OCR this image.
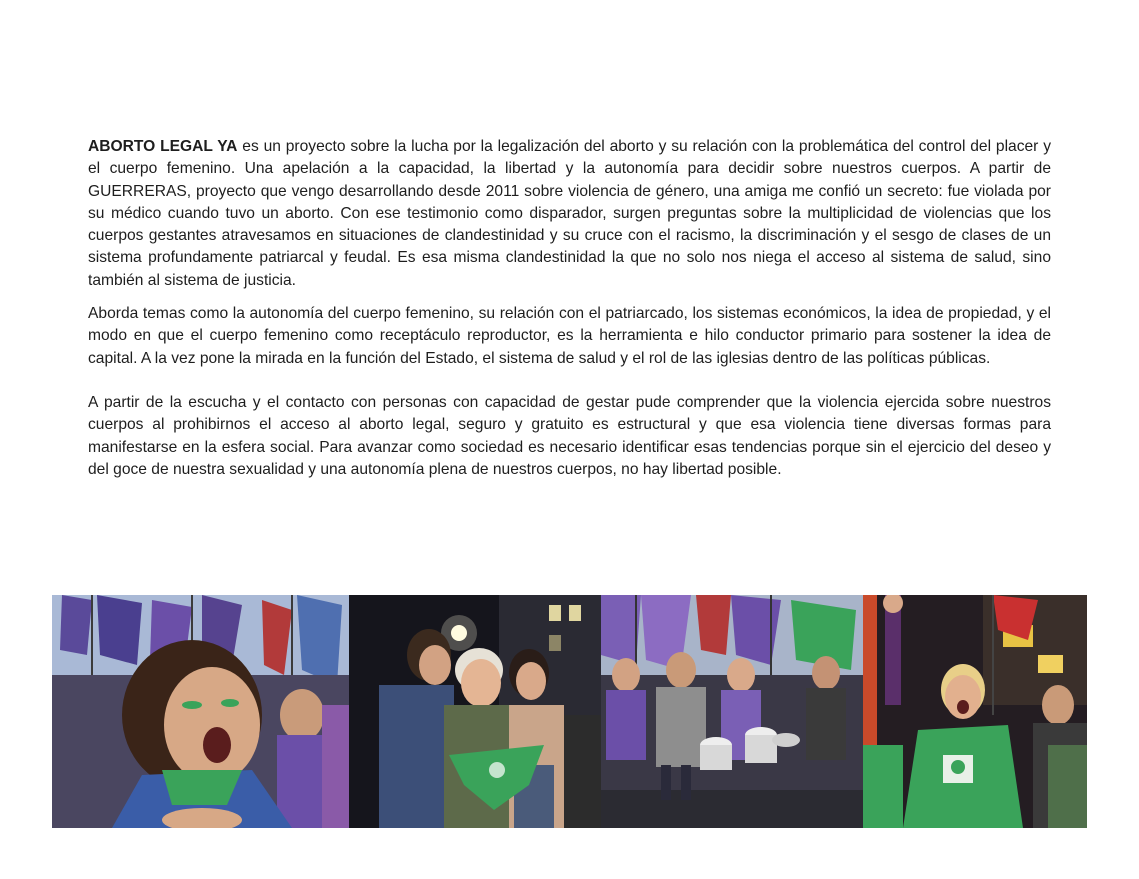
ABORTO LEGAL YA es un proyecto sobre la lucha por la legalización del aborto y su relación con la problemática del control del placer y el cuerpo femenino. Una apelación a la capacidad, la libertad y la autonomía para decidir sobre nuestros cuerpos. A partir de GUERRERAS, proyecto que vengo desarrollando desde 2011 sobre violencia de género, una amiga me confió un secreto: fue violada por su médico cuando tuvo un aborto. Con ese testimonio como disparador, surgen preguntas sobre la multiplicidad de violencias que los cuerpos gestantes atravesamos en situaciones de clandestinidad y su cruce con el racismo, la discriminación y el sesgo de clases de un sistema profundamente patriarcal y feudal. Es esa misma clandestinidad la que no solo nos niega el acceso al sistema de salud, sino también al sistema de justicia.

Aborda temas como la autonomía del cuerpo femenino, su relación con el patriarcado, los sistemas económicos, la idea de propiedad, y el modo en que el cuerpo femenino como receptáculo reproductor, es la herramienta e hilo conductor primario para sostener la idea de capital. A la vez pone la mirada en la función del Estado, el sistema de salud y el rol de las iglesias dentro de las políticas públicas.

A partir de la escucha y el contacto con personas con capacidad de gestar pude comprender que la violencia ejercida sobre nuestros cuerpos al prohibirnos el acceso al aborto legal, seguro y gratuito es estructural y que esa violencia tiene diversas formas para manifestarse en la esfera social. Para avanzar como sociedad es necesario identificar esas tendencias porque sin el ejercicio del deseo y del goce de nuestra sexualidad y una autonomía plena de nuestros cuerpos, no hay libertad posible.
